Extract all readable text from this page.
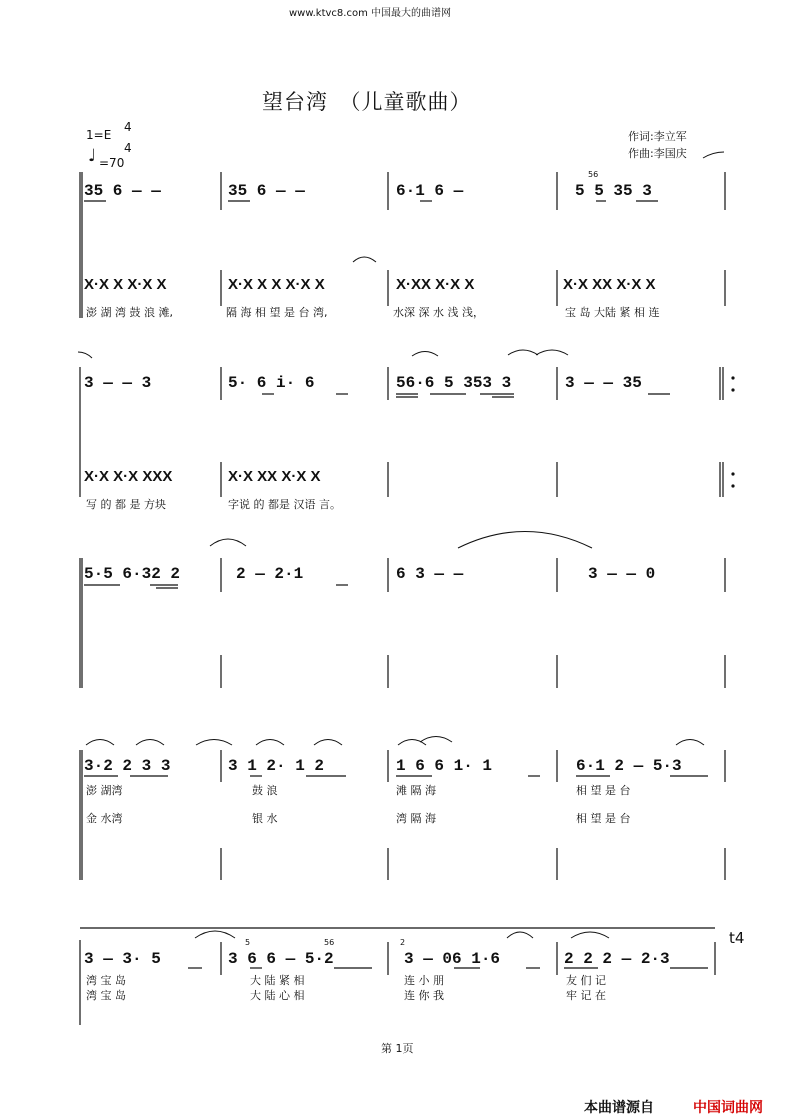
www.ktvc8.com 中国最大的曲谱网
望台湾　（儿童歌曲）
1=E
4
4
♩ =70
作词:李立军
作曲:李国庆
35 6 — —	35 6 — —	6·1 6 —
56
5 5 35 3
X·X X X·X X	X·X X X X·X X	X·XX X·X X	X·X XX X·X X
澎 湖 湾 鼓 浪 滩,	隔 海 相 望 是 台 湾,	水深 深 水 浅 浅，	宝 岛 大陆 紧 相 连
3 — — 3	5· 6 i· 6	56·6 5 353 3	3 — — 35
X·X X·X XXX	X·X XX X·X X
写 的 都 是 方块	字说 的 都是 汉语 言。
5·5 6·32 2	2 — 2·1	6 3 — —	3 — — 0
3·2 2 3 3	3 1 2· 1 2	1 6 6 1· 1	6·1 2 — 5·3
澎 湖湾	鼓 浪	滩 隔 海	相 望 是 台
金 水湾	银 水	湾 隔 海	相 望 是 台
5	56	2
3 — 3· 5	3 6 6 — 5·2	3 — 06 1·6	2 2 2 — 2·3
t4
湾 宝 岛	大 陆 紧 相	连 小 朋	友 们 记
湾 宝 岛	大 陆 心 相	连 你 我	牢 记 在
第 1页
本曲谱源自	中国词曲网
